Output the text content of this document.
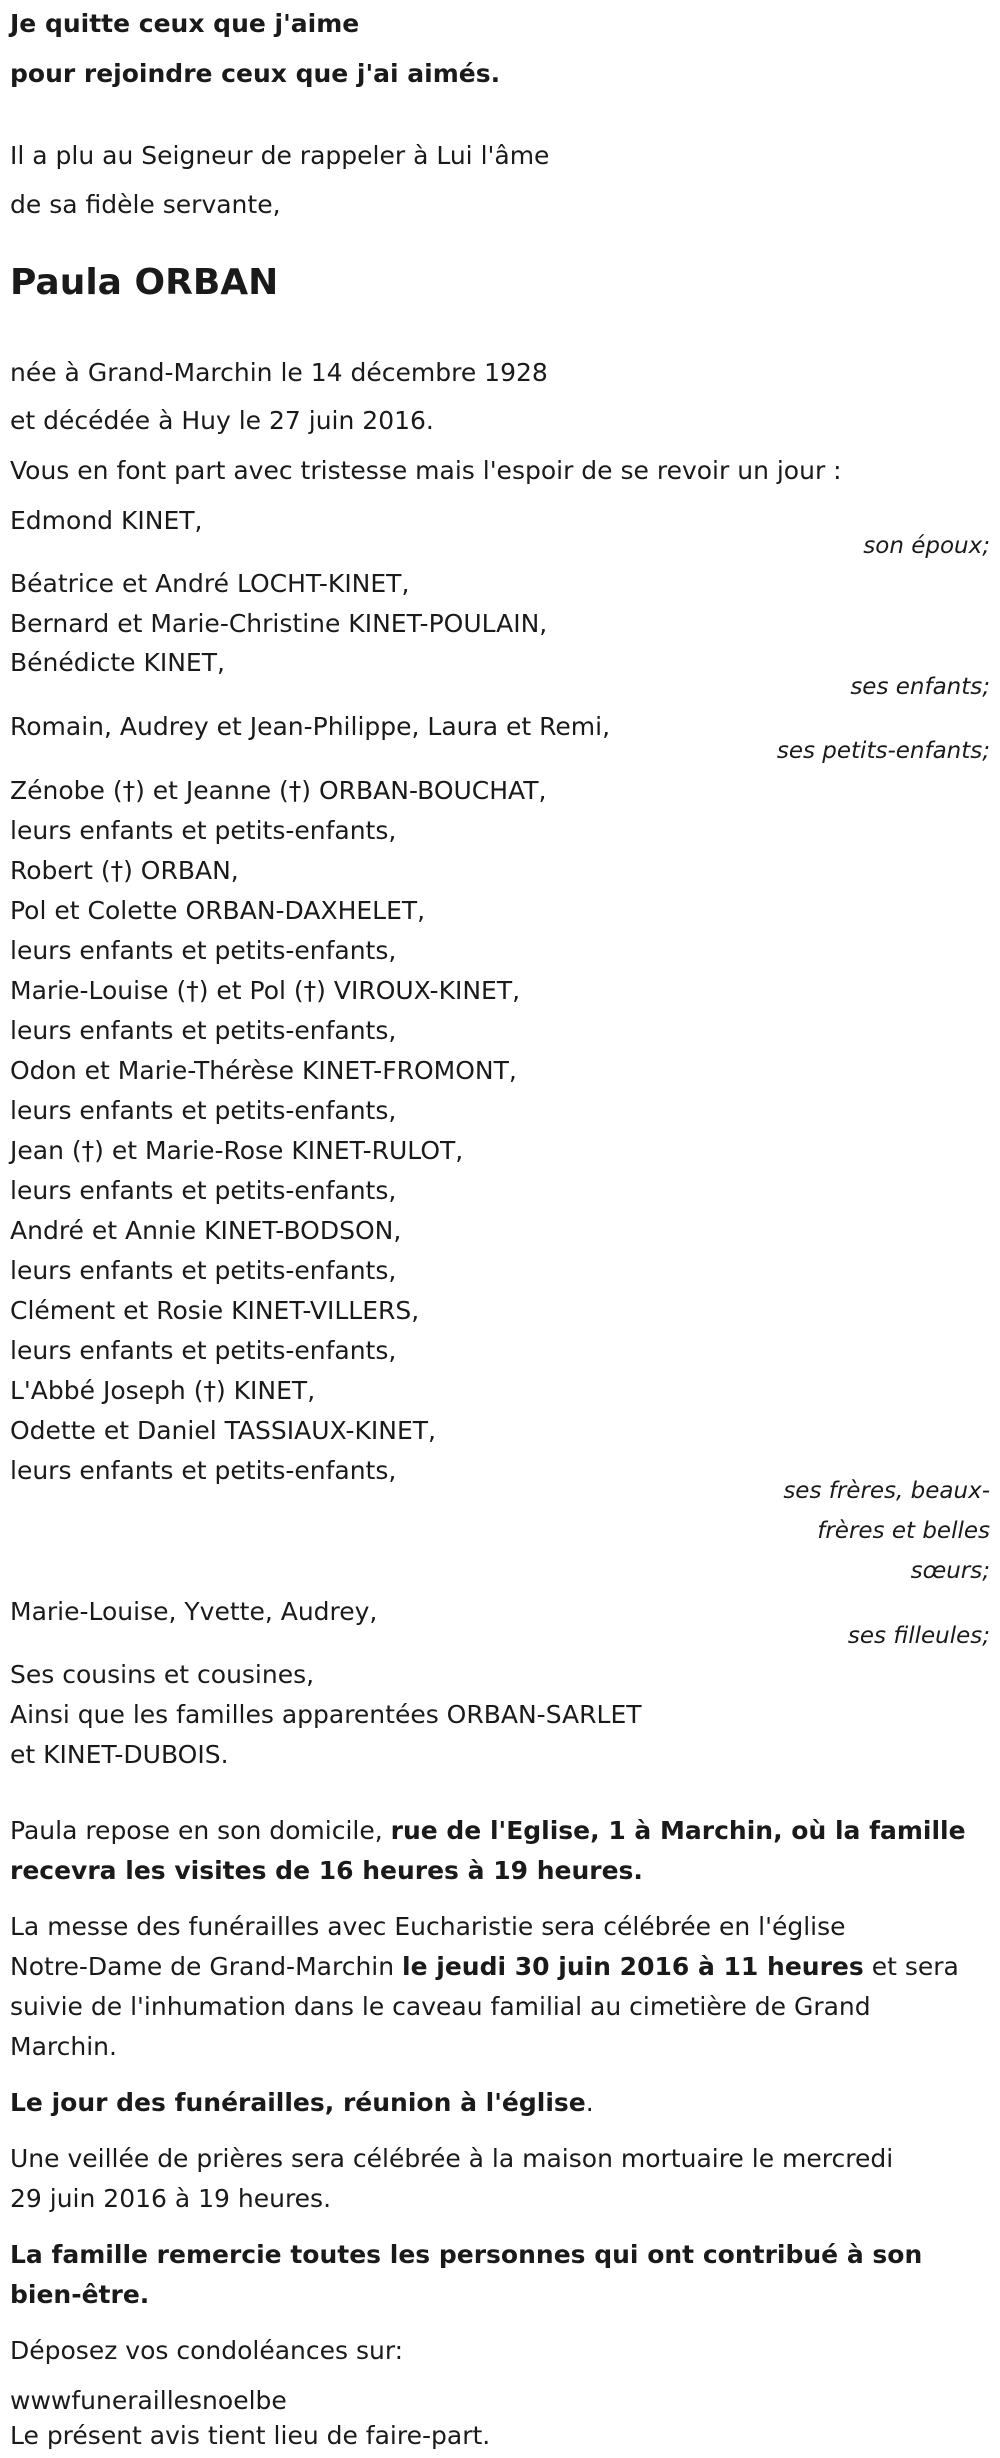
Je quitte ceux que j'aime

pour rejoindre ceux que j'ai aimés.

Il a plu au Seigneur de rappeler à Lui l'âme

de sa fidèle servante,

Paula ORBAN

née à Grand-Marchin le 14 décembre 1928

et décédée à Huy le 27 juin 2016.

Vous en font part avec tristesse mais l'espoir de se revoir un jour :

Edmond KINET,

son époux;

Béatrice et André LOCHT-KINET,

Bernard et Marie-Christine KINET-POULAIN,

Bénédicte KINET,

ses enfants;

Romain, Audrey et Jean-Philippe, Laura et Remi,

ses petits-enfants;

Zénobe (†) et Jeanne (†) ORBAN-BOUCHAT,

leurs enfants et petits-enfants,

Robert (†) ORBAN,

Pol et Colette ORBAN-DAXHELET,

leurs enfants et petits-enfants,

Marie-Louise (†) et Pol (†) VIROUX-KINET,

leurs enfants et petits-enfants,

Odon et Marie-Thérèse KINET-FROMONT,

leurs enfants et petits-enfants,

Jean (†) et Marie-Rose KINET-RULOT,

leurs enfants et petits-enfants,

André et Annie KINET-BODSON,

leurs enfants et petits-enfants,

Clément et Rosie KINET-VILLERS,

leurs enfants et petits-enfants,

L'Abbé Joseph (†) KINET,

Odette et Daniel TASSIAUX-KINET,

leurs enfants et petits-enfants,

ses frères, beaux-

frères et belles

sœurs;

Marie-Louise, Yvette, Audrey,

ses filleules;

Ses cousins et cousines,

Ainsi que les familles apparentées ORBAN-SARLET

et KINET-DUBOIS.

Paula repose en son domicile, rue de l'Eglise, 1 à Marchin, où la famille

recevra les visites de 16 heures à 19 heures.

La messe des funérailles avec Eucharistie sera célébrée en l'église

Notre-Dame de Grand-Marchin le jeudi 30 juin 2016 à 11 heures et sera

suivie de l'inhumation dans le caveau familial au cimetière de Grand

Marchin.

Le jour des funérailles, réunion à l'église.

Une veillée de prières sera célébrée à la maison mortuaire le mercredi

29 juin 2016 à 19 heures.

La famille remercie toutes les personnes qui ont contribué à son

bien-être.

Déposez vos condoléances sur:

wwwfuneraillesnoelbe

Le présent avis tient lieu de faire-part.
